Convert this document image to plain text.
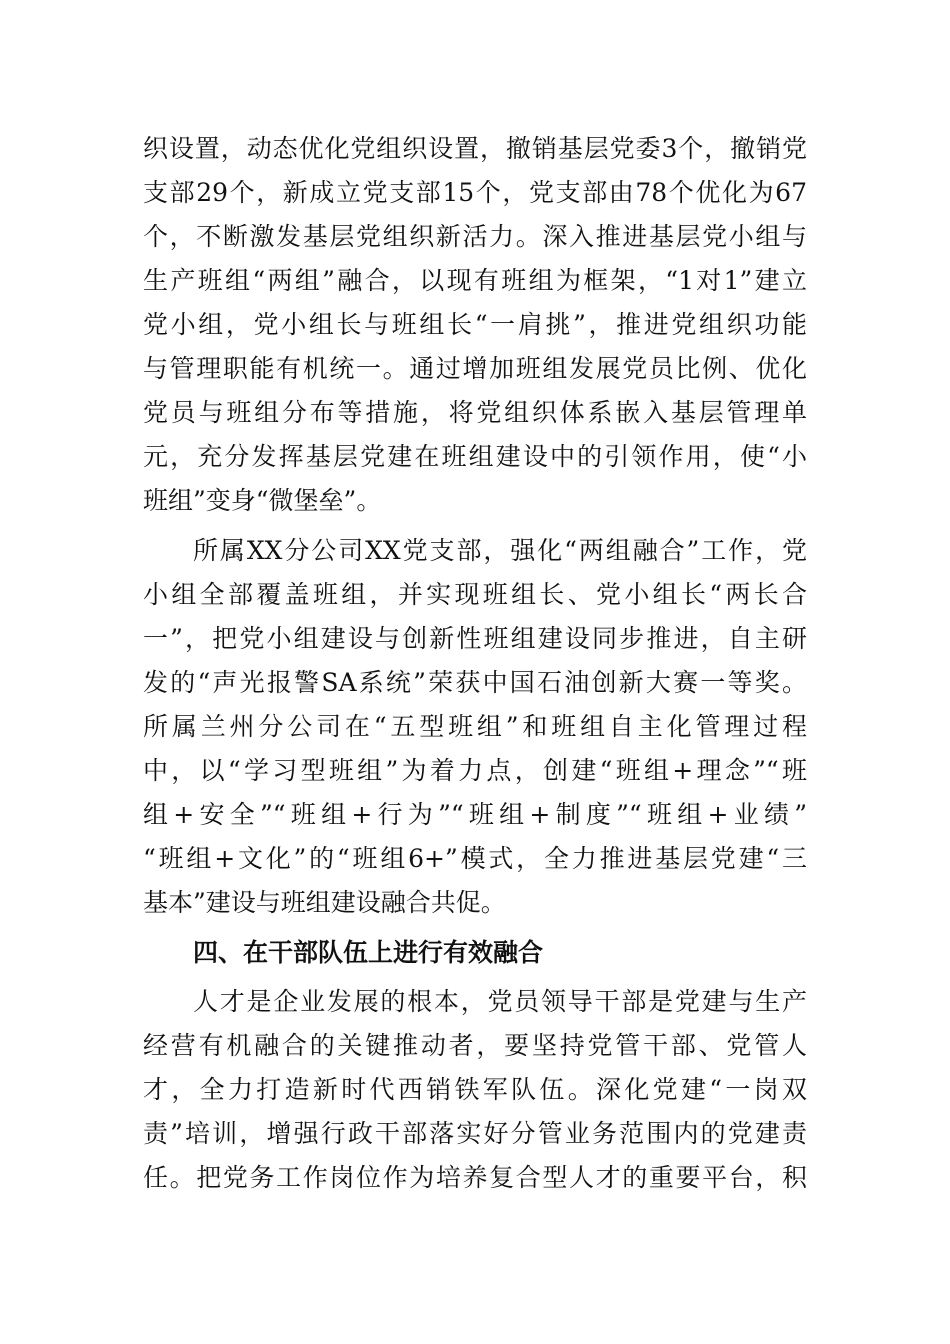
织设置，动态优化党组织设置，撤销基层党委3个，撤销党
支部29个，新成立党支部15个，党支部由78个优化为67
个，不断激发基层党组织新活力。深入推进基层党小组与
生产班组“两组”融合，以现有班组为框架，“1对1”建立
党小组，党小组长与班组长“一肩挑”，推进党组织功能
与管理职能有机统一。通过增加班组发展党员比例、优化
党员与班组分布等措施，将党组织体系嵌入基层管理单
元，充分发挥基层党建在班组建设中的引领作用，使“小
班组”变身“微堡垒”。
所属XX分公司XX党支部，强化“两组融合”工作，党
小组全部覆盖班组，并实现班组长、党小组长“两长合
一”，把党小组建设与创新性班组建设同步推进，自主研
发的“声光报警SA系统”荣获中国石油创新大赛一等奖。
所属兰州分公司在“五型班组”和班组自主化管理过程
中，以“学习型班组”为着力点，创建“班组+理念”“班
组+安全”“班组+行为”“班组+制度”“班组+业绩”
“班组+文化”的“班组6+”模式，全力推进基层党建“三
基本”建设与班组建设融合共促。
四、在干部队伍上进行有效融合
人才是企业发展的根本，党员领导干部是党建与生产
经营有机融合的关键推动者，要坚持党管干部、党管人
才，全力打造新时代西销铁军队伍。深化党建“一岗双
责”培训，增强行政干部落实好分管业务范围内的党建责
任。把党务工作岗位作为培养复合型人才的重要平台，积
